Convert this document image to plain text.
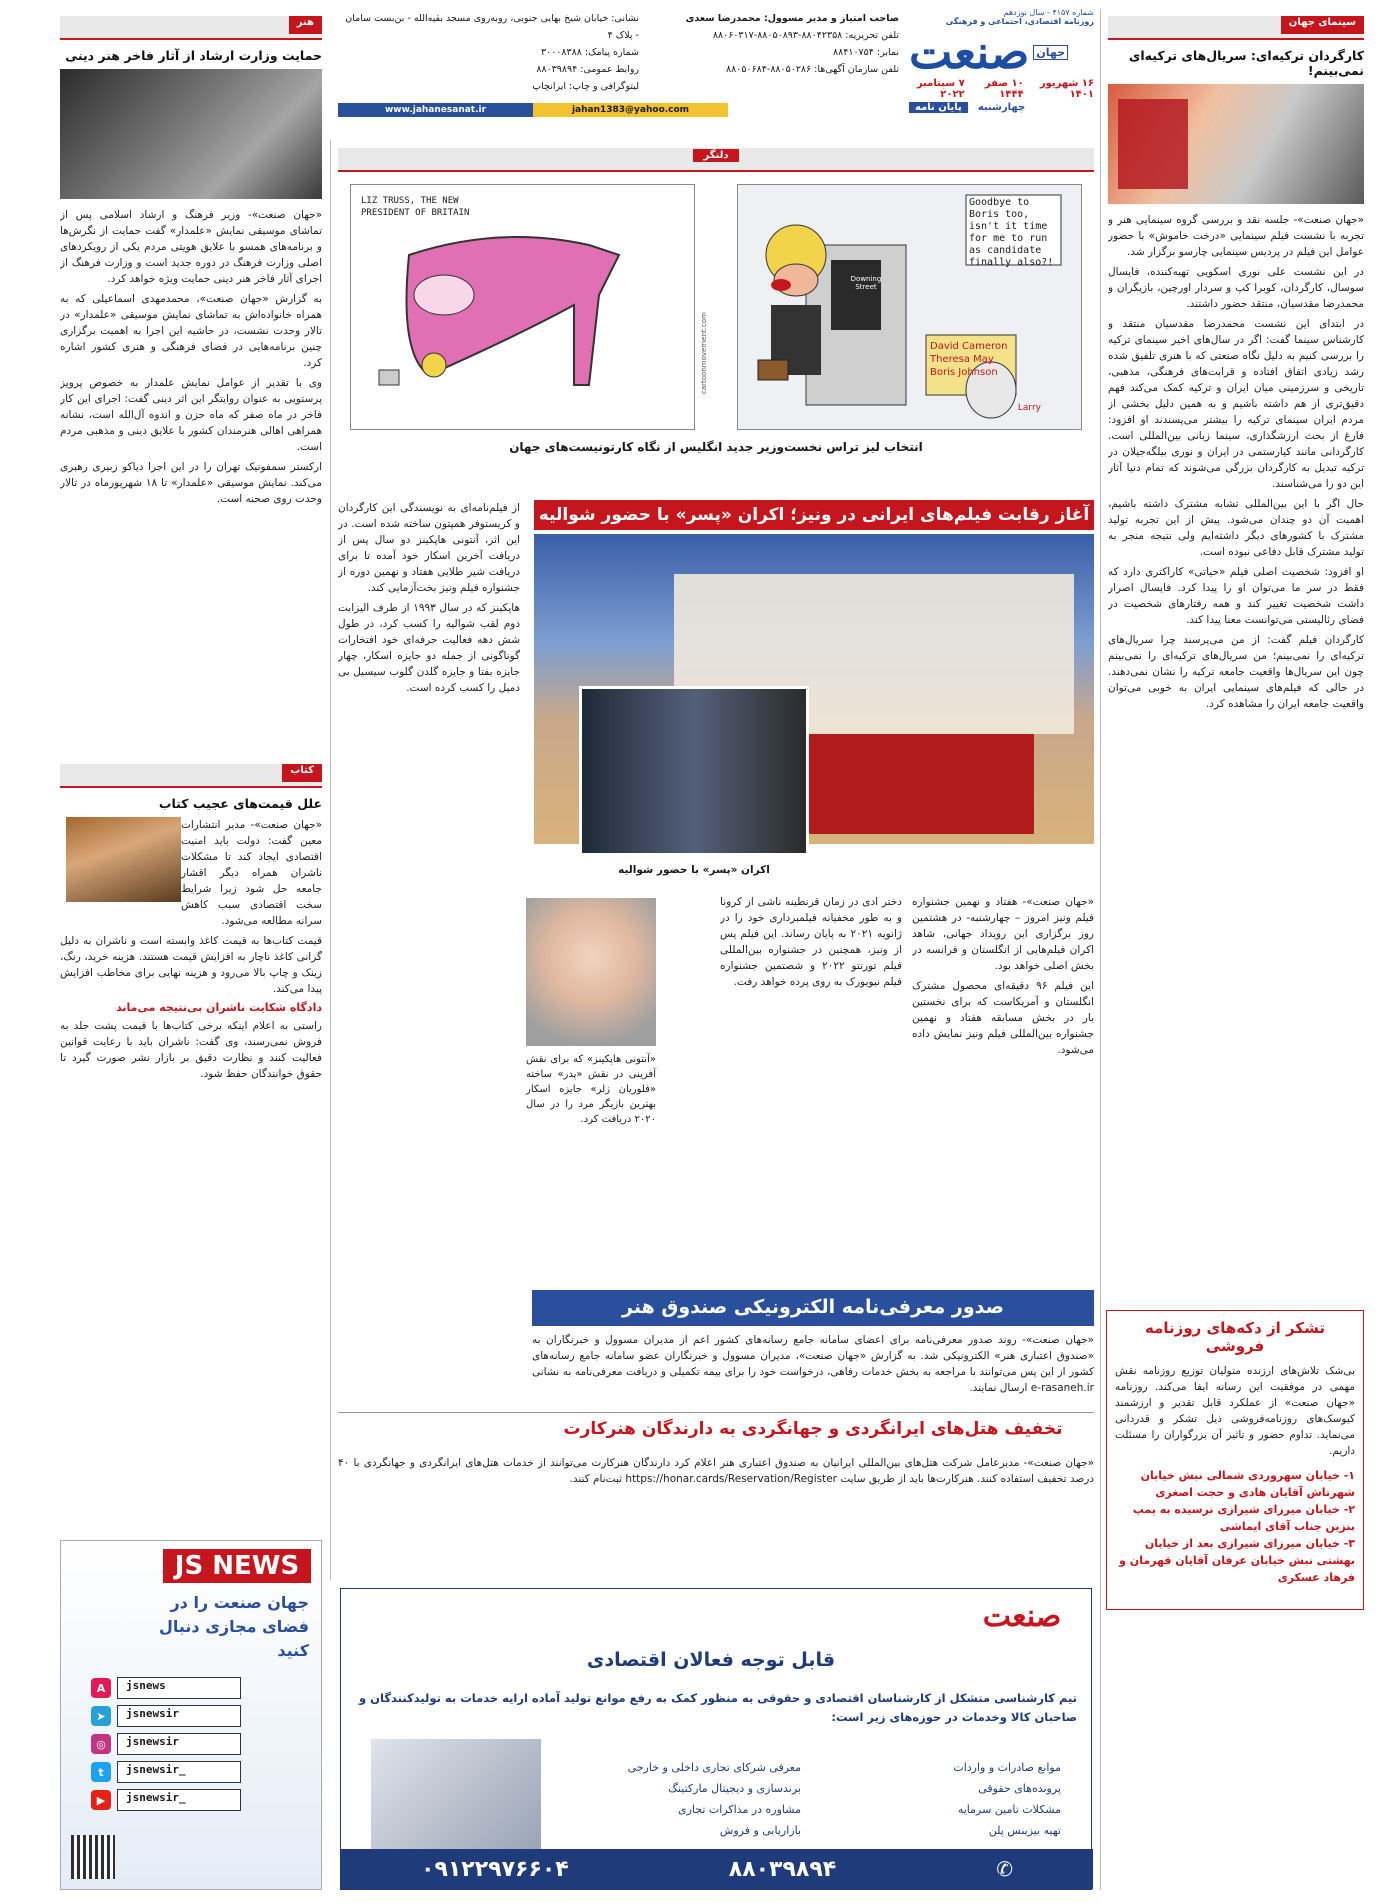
سینمای جهان
کارگردان ترکیه‌ای: سریال‌های ترکیه‌ای نمی‌بینم!

«جهان صنعت»- جلسه نقد و بررسی گروه سینمایی هنر و تجربه با نشست فیلم سینمایی «درخت خاموش» با حضور عوامل این فیلم در پردیس سینمایی چارسو برگزار شد.

در این نشست علی نوری اسکویی تهیه‌کننده، فایسال سوسال، کارگردان، کوبرا کپ و سردار اورچین، بازیگران و محمدرضا مقدسیان، منتقد حضور داشتند.

در ابتدای این نشست محمدرضا مقدسیان منتقد و کارشناس سینما گفت: اگر در سال‌های اخیر سینمای ترکیه را بررسی کنیم به دلیل نگاه صنعتی که با هنری تلفیق شده رشد زیادی اتفاق افتاده و قرابت‌های فرهنگی، مذهبی، تاریخی و سرزمینی میان ایران و ترکیه کمک می‌کند فهم دقیق‌تری از هم داشته باشیم و به همین دلیل بخشی از مردم ایران سینمای ترکیه را بیشتر می‌پسندند او افزود: فارغ از بحث ارزشگذاری، سینما زبانی بین‌المللی است. کارگردانی مانند کیارستمی در ایران و نوری بیلگه‌جیلان در ترکیه تبدیل به کارگردان بزرگی می‌شوند که تمام دنیا آثار این دو را می‌شناسند.

حال اگر با این بین‌المللی تشابه مشترک داشته باشیم، اهمیت آن دو چندان می‌شود. پیش از این تجربه تولید مشترک با کشورهای دیگر داشته‌ایم ولی نتیجه منجر به تولید مشترک قابل دفاعی نبوده است.

او افزود: شخصیت اصلی فیلم «حیاتی» کاراکتری دارد که فقط در سر ما می‌توان او را پیدا کرد. فایسال اصرار داشت شخصیت تغییر کند و همه رفتارهای شخصیت در فضای رئالیستی می‌توانست معنا پیدا کند.

کارگردان فیلم گفت: از من می‌پرسند چرا سریال‌های ترکیه‌ای را نمی‌بینم؛ من سریال‌های ترکیه‌ای را نمی‌بینم چون این سریال‌ها واقعیت جامعه ترکیه را نشان نمی‌دهند. در حالی که فیلم‌های سینمایی ایران به خوبی می‌توان واقعیت جامعه ایران را مشاهده کرد.

تشکر از دکه‌های روزنامه فروشی

بی‌شک تلاش‌های ارزنده متولیان توزیع روزنامه نقش مهمی در موفقیت این رسانه ایفا می‌کند. روزنامه «جهان صنعت» از عملکرد قابل تقدیر و ارزشمند کیوسک‌های روزنامه‌فروشی ذیل تشکر و قدردانی می‌نماید. تداوم حضور و تاثیر آن بزرگواران را مسئلت داریم.

۱- خیابان سهروردی شمالی نبش خیابان شهرتاش آقایان هادی و حجت اصغری

۲- خیابان میرزای شیرازی نرسیده به پمپ بنزین جناب آقای ایماشی

۳- خیابان میرزای شیرازی بعد از خیابان بهشتی نبش خیابان عرفان آقایان قهرمان و فرهاد عسکری

شماره ۴۱۵۷ - سال نوزدهم
روزنامه اقتصادی، اجتماعی و فرهنگی
جهان
صنعت
۱۶ شهریور ۱۴۰۱
۱۰ صفر ۱۴۴۴
۷ سپتامبر ۲۰۲۲
چهارشنبه
پایان نامه
صاحب امتیاز و مدیر مسوول: محمدرضا سعدی
تلفن تحریریه: ۸۸۰۴۲۳۵۸-۸۸۰۵۰۸۹۳-۸۸۰۶۰۳۱۷
نمابر: ۸۸۴۱۰۷۵۴
تلفن سازمان آگهی‌ها: ۸۸۰۵۰۲۸۶-۸۸۰۵۰۶۸۴
نشانی: خیابان شیخ بهایی جنوبی، روبه‌روی مسجد بقیه‌الله - بن‌بست سامان - پلاک ۴
شماره پیامک: ۳۰۰۰۸۳۸۸
روابط عمومی: ۸۸۰۳۹۸۹۴
لیتوگرافی و چاپ: ایرانچاپ
www.jahanesanat.ir	jahan1383@yahoo.com
دلنگر
Goodbye to Boris too, isn't it time for me to run as candidate finally also?!
David Cameron Theresa May Boris Johnson
Downing Street
Larry
LIZ TRUSS, THE NEW PRESIDENT OF BRITAIN
cartoonmovement.com
انتخاب لیز تراس نخست‌وزیر جدید انگلیس از نگاه کارتونیست‌های جهان
آغاز رقابت فیلم‌های ایرانی در ونیز؛ اکران «پسر» با حضور شوالیه
اکران «پسر» با حضور شوالیه
«آنتونی هاپکینز» که برای نقش آفرینی در نقش «پدر» ساخته «فلوریان زلر» جایزه اسکار بهترین بازیگر مرد را در سال ۲۰۲۰ دریافت کرد.

«جهان صنعت»- هفتاد و نهمین جشنواره فیلم ونیز امروز – چهارشنبه- در هشتمین روز برگزاری این رویداد جهانی، شاهد اکران فیلم‌هایی از انگلستان و فرانسه در بخش اصلی خواهد بود.

این فیلم ۹۶ دقیقه‌ای محصول مشترک انگلستان و آمریکاست که برای نخستین بار در بخش مسابقه هفتاد و نهمین جشنواره بین‌المللی فیلم ونیز نمایش داده می‌شود.

دختر ادی در زمان قرنطینه ناشی از کرونا و به طور مخفیانه فیلمبرداری خود را در ژانویه ۲۰۲۱ به پایان رساند. این فیلم پس از ونیز، همچنین در جشنواره بین‌المللی فیلم تورنتو ۲۰۲۲ و شصتمین جشنواره فیلم نیویورک به روی پرده خواهد رفت.

از فیلم‌نامه‌ای به نویسندگی این کارگردان و کریستوفر همپتون ساخته شده است. در این اثر، آنتونی هاپکینز دو سال پس از دریافت آخرین اسکار خود آمده تا برای دریافت شیر طلایی هفتاد و نهمین دوره از جشنواره فیلم ونیز بخت‌آزمایی کند.

هاپکینز که در سال ۱۹۹۳ از طرف الیزابت دوم لقب شوالیه را کسب کرد، در طول شش دهه فعالیت حرفه‌ای خود افتخارات گوناگونی از جمله دو جایزه اسکار، چهار جایزه بفتا و جایزه گلدن گلوب سیسیل بی دمیل را کسب کرده است.

صدور معرفی‌نامه الکترونیکی صندوق هنر

«جهان صنعت»- روند صدور معرفی‌نامه برای اعضای سامانه جامع رسانه‌های کشور اعم از مدیران مسوول و خبرنگاران به «صندوق اعتباری هنر» الکترونیکی شد. به گزارش «جهان صنعت»، مدیران مسوول و خبرنگاران عضو سامانه جامع رسانه‌های کشور از این پس می‌توانند با مراجعه به بخش خدمات رفاهی، درخواست خود را برای بیمه تکمیلی و دریافت معرفی‌نامه به نشانی e-rasaneh.ir ارسال نمایند.

تخفیف هتل‌های ایرانگردی و جهانگردی به دارندگان هنرکارت

«جهان صنعت»- مدیرعامل شرکت هتل‌های بین‌المللی ایرانیان به صندوق اعتباری هنر اعلام کرد دارندگان هنرکارت می‌توانند از خدمات هتل‌های ایرانگردی و جهانگردی با ۴۰ درصد تخفیف استفاده کنند. هنرکارت‌ها باید از طریق سایت https://honar.cards/Reservation/Register ثبت‌نام کنند.

صنعت
قابل توجه فعالان اقتصادی
تیم کارشناسی متشکل از کارشناسان اقتصادی و حقوقی به منظور کمک به رفع موانع تولید آماده ارایه خدمات به تولیدکنندگان و صاحبان کالا وخدمات در حوزه‌های زیر است:
موانع صادرات و واردات
پرونده‌های حقوقی
مشکلات تامین سرمایه
تهیه بیزینس پلن
معرفی شرکای تجاری داخلی و خارجی
برندسازی و دیجیتال مارکتینگ
مشاوره در مذاکرات تجاری
بازاریابی و فروش
✆
۸۸۰۳۹۸۹۴
۰۹۱۲۲۹۷۶۶۰۴
هنر
حمایت وزارت ارشاد از آثار فاخر هنر دینی

«جهان صنعت»- وزیر فرهنگ و ارشاد اسلامی پس از تماشای موسیقی نمایش «علمدار» گفت حمایت از نگرش‌ها و برنامه‌های همسو با علایق هویتی مردم یکی از رویکردهای اصلی وزارت فرهنگ در دوره جدید است و وزارت فرهنگ از اجرای آثار فاخر هنر دینی حمایت ویژه خواهد کرد.

به گزارش «جهان صنعت»، محمدمهدی اسماعیلی که به همراه خانواده‌اش به تماشای نمایش موسیقی «علمدار» در تالار وحدت نشست، در حاشیه این اجرا به اهمیت برگزاری چنین برنامه‌هایی در فضای فرهنگی و هنری کشور اشاره کرد.

وی با تقدیر از عوامل نمایش علمدار به خصوص پرویز پرستویی به عنوان روایتگر این اثر دینی گفت: اجرای این کار فاخر در ماه صفر که ماه حزن و اندوه آل‌الله است، نشانه همراهی اهالی هنرمندان کشور با علایق دینی و مذهبی مردم است.

ارکستر سمفونیک تهران را در این اجرا دیاکو زبیری رهبری می‌کند. نمایش موسیقی «علمدار» تا ۱۸ شهریورماه در تالار وحدت روی صحنه است.

کتاب
علل قیمت‌های عجیب کتاب

«جهان صنعت»- مدیر انتشارات معین گفت: دولت باید امنیت اقتصادی ایجاد کند تا مشکلات ناشران همراه دیگر اقشار جامعه حل شود زیرا شرایط سخت اقتصادی سبب کاهش سرانه مطالعه می‌شود.

قیمت کتاب‌ها به قیمت کاغذ وابسته است و ناشران به دلیل گرانی کاغذ ناچار به افزایش قیمت هستند. هزینه خرید، رنگ، زینک و چاپ بالا می‌رود و هزینه نهایی برای مخاطب افزایش پیدا می‌کند.

دادگاه شکایت ناشران بی‌نتیجه می‌ماند

راستی به اعلام اینکه برخی کتاب‌ها با قیمت پشت جلد به فروش نمی‌رسند، وی گفت: ناشران باید با رعایت قوانین فعالیت کنند و نظارت دقیق بر بازار نشر صورت گیرد تا حقوق خوانندگان حفظ شود.

JS NEWS
جهان صنعت را در فضای مجازی دنبال کنید
A	jsnews
➤	jsnewsir
◎	jsnewsir
t	jsnewsir_
▶	jsnewsir_
